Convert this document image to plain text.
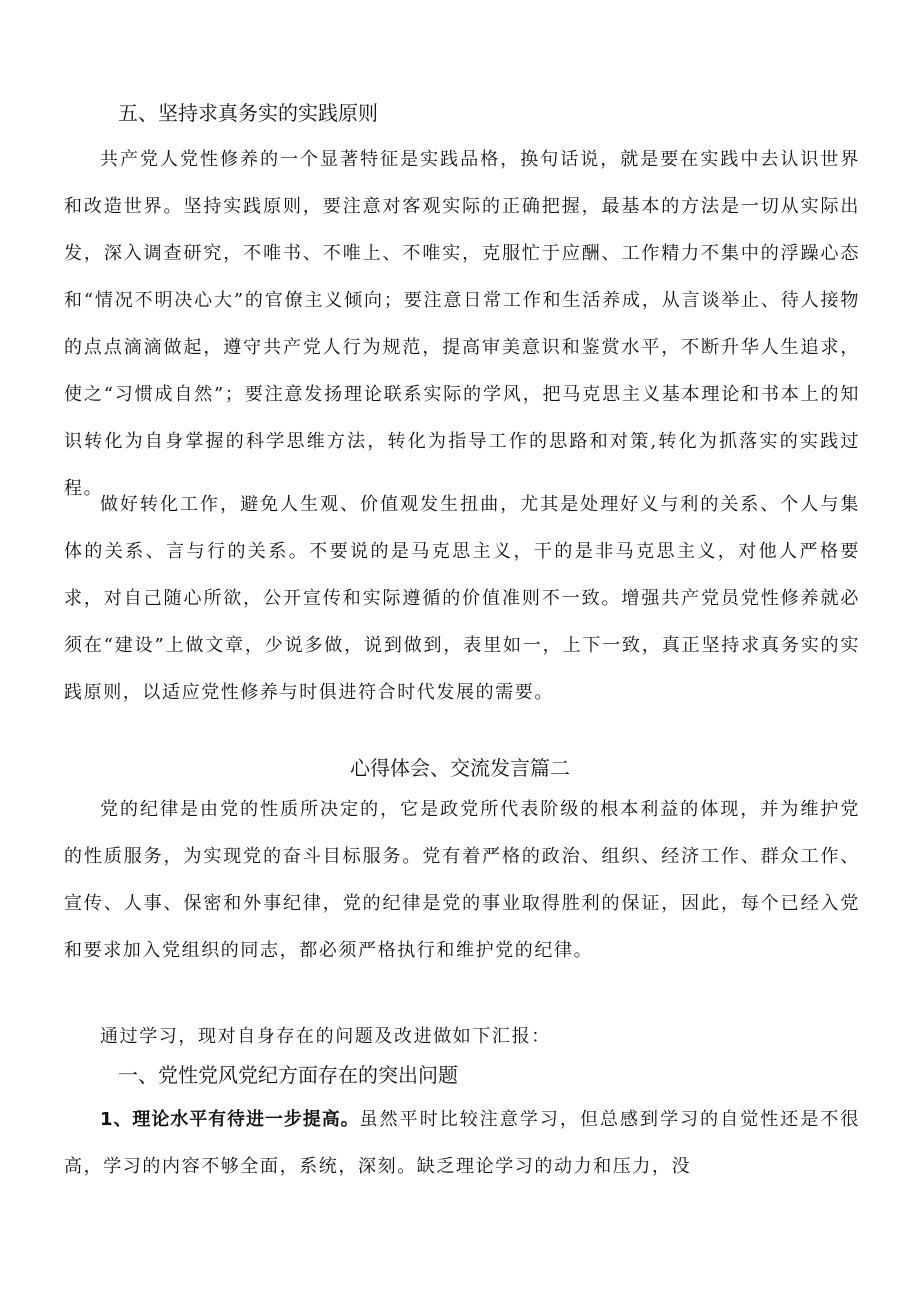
五、坚持求真务实的实践原则

共产党人党性修养的一个显著特征是实践品格，换句话说，就是要在实践中去认识世界和改造世界。坚持实践原则，要注意对客观实际的正确把握，最基本的方法是一切从实际出发，深入调查研究，不唯书、不唯上、不唯实，克服忙于应酬、工作精力不集中的浮躁心态和“情况不明决心大”的官僚主义倾向；要注意日常工作和生活养成，从言谈举止、待人接物的点点滴滴做起，遵守共产党人行为规范，提高审美意识和鉴赏水平，不断升华人生追求，使之“习惯成自然”；要注意发扬理论联系实际的学风，把马克思主义基本理论和书本上的知识转化为自身掌握的科学思维方法，转化为指导工作的思路和对策,转化为抓落实的实践过程。

做好转化工作，避免人生观、价值观发生扭曲，尤其是处理好义与利的关系、个人与集体的关系、言与行的关系。不要说的是马克思主义，干的是非马克思主义，对他人严格要求，对自己随心所欲，公开宣传和实际遵循的价值准则不一致。增强共产党员党性修养就必须在“建设”上做文章，少说多做，说到做到，表里如一，上下一致，真正坚持求真务实的实践原则，以适应党性修养与时俱进符合时代发展的需要。

心得体会、交流发言篇二

党的纪律是由党的性质所决定的，它是政党所代表阶级的根本利益的体现，并为维护党的性质服务，为实现党的奋斗目标服务。党有着严格的政治、组织、经济工作、群众工作、宣传、人事、保密和外事纪律，党的纪律是党的事业取得胜利的保证，因此，每个已经入党和要求加入党组织的同志，都必须严格执行和维护党的纪律。

通过学习，现对自身存在的问题及改进做如下汇报：

一、党性党风党纪方面存在的突出问题

1、理论水平有待进一步提高。虽然平时比较注意学习，但总感到学习的自觉性还是不很高，学习的内容不够全面，系统，深刻。缺乏理论学习的动力和压力，没
